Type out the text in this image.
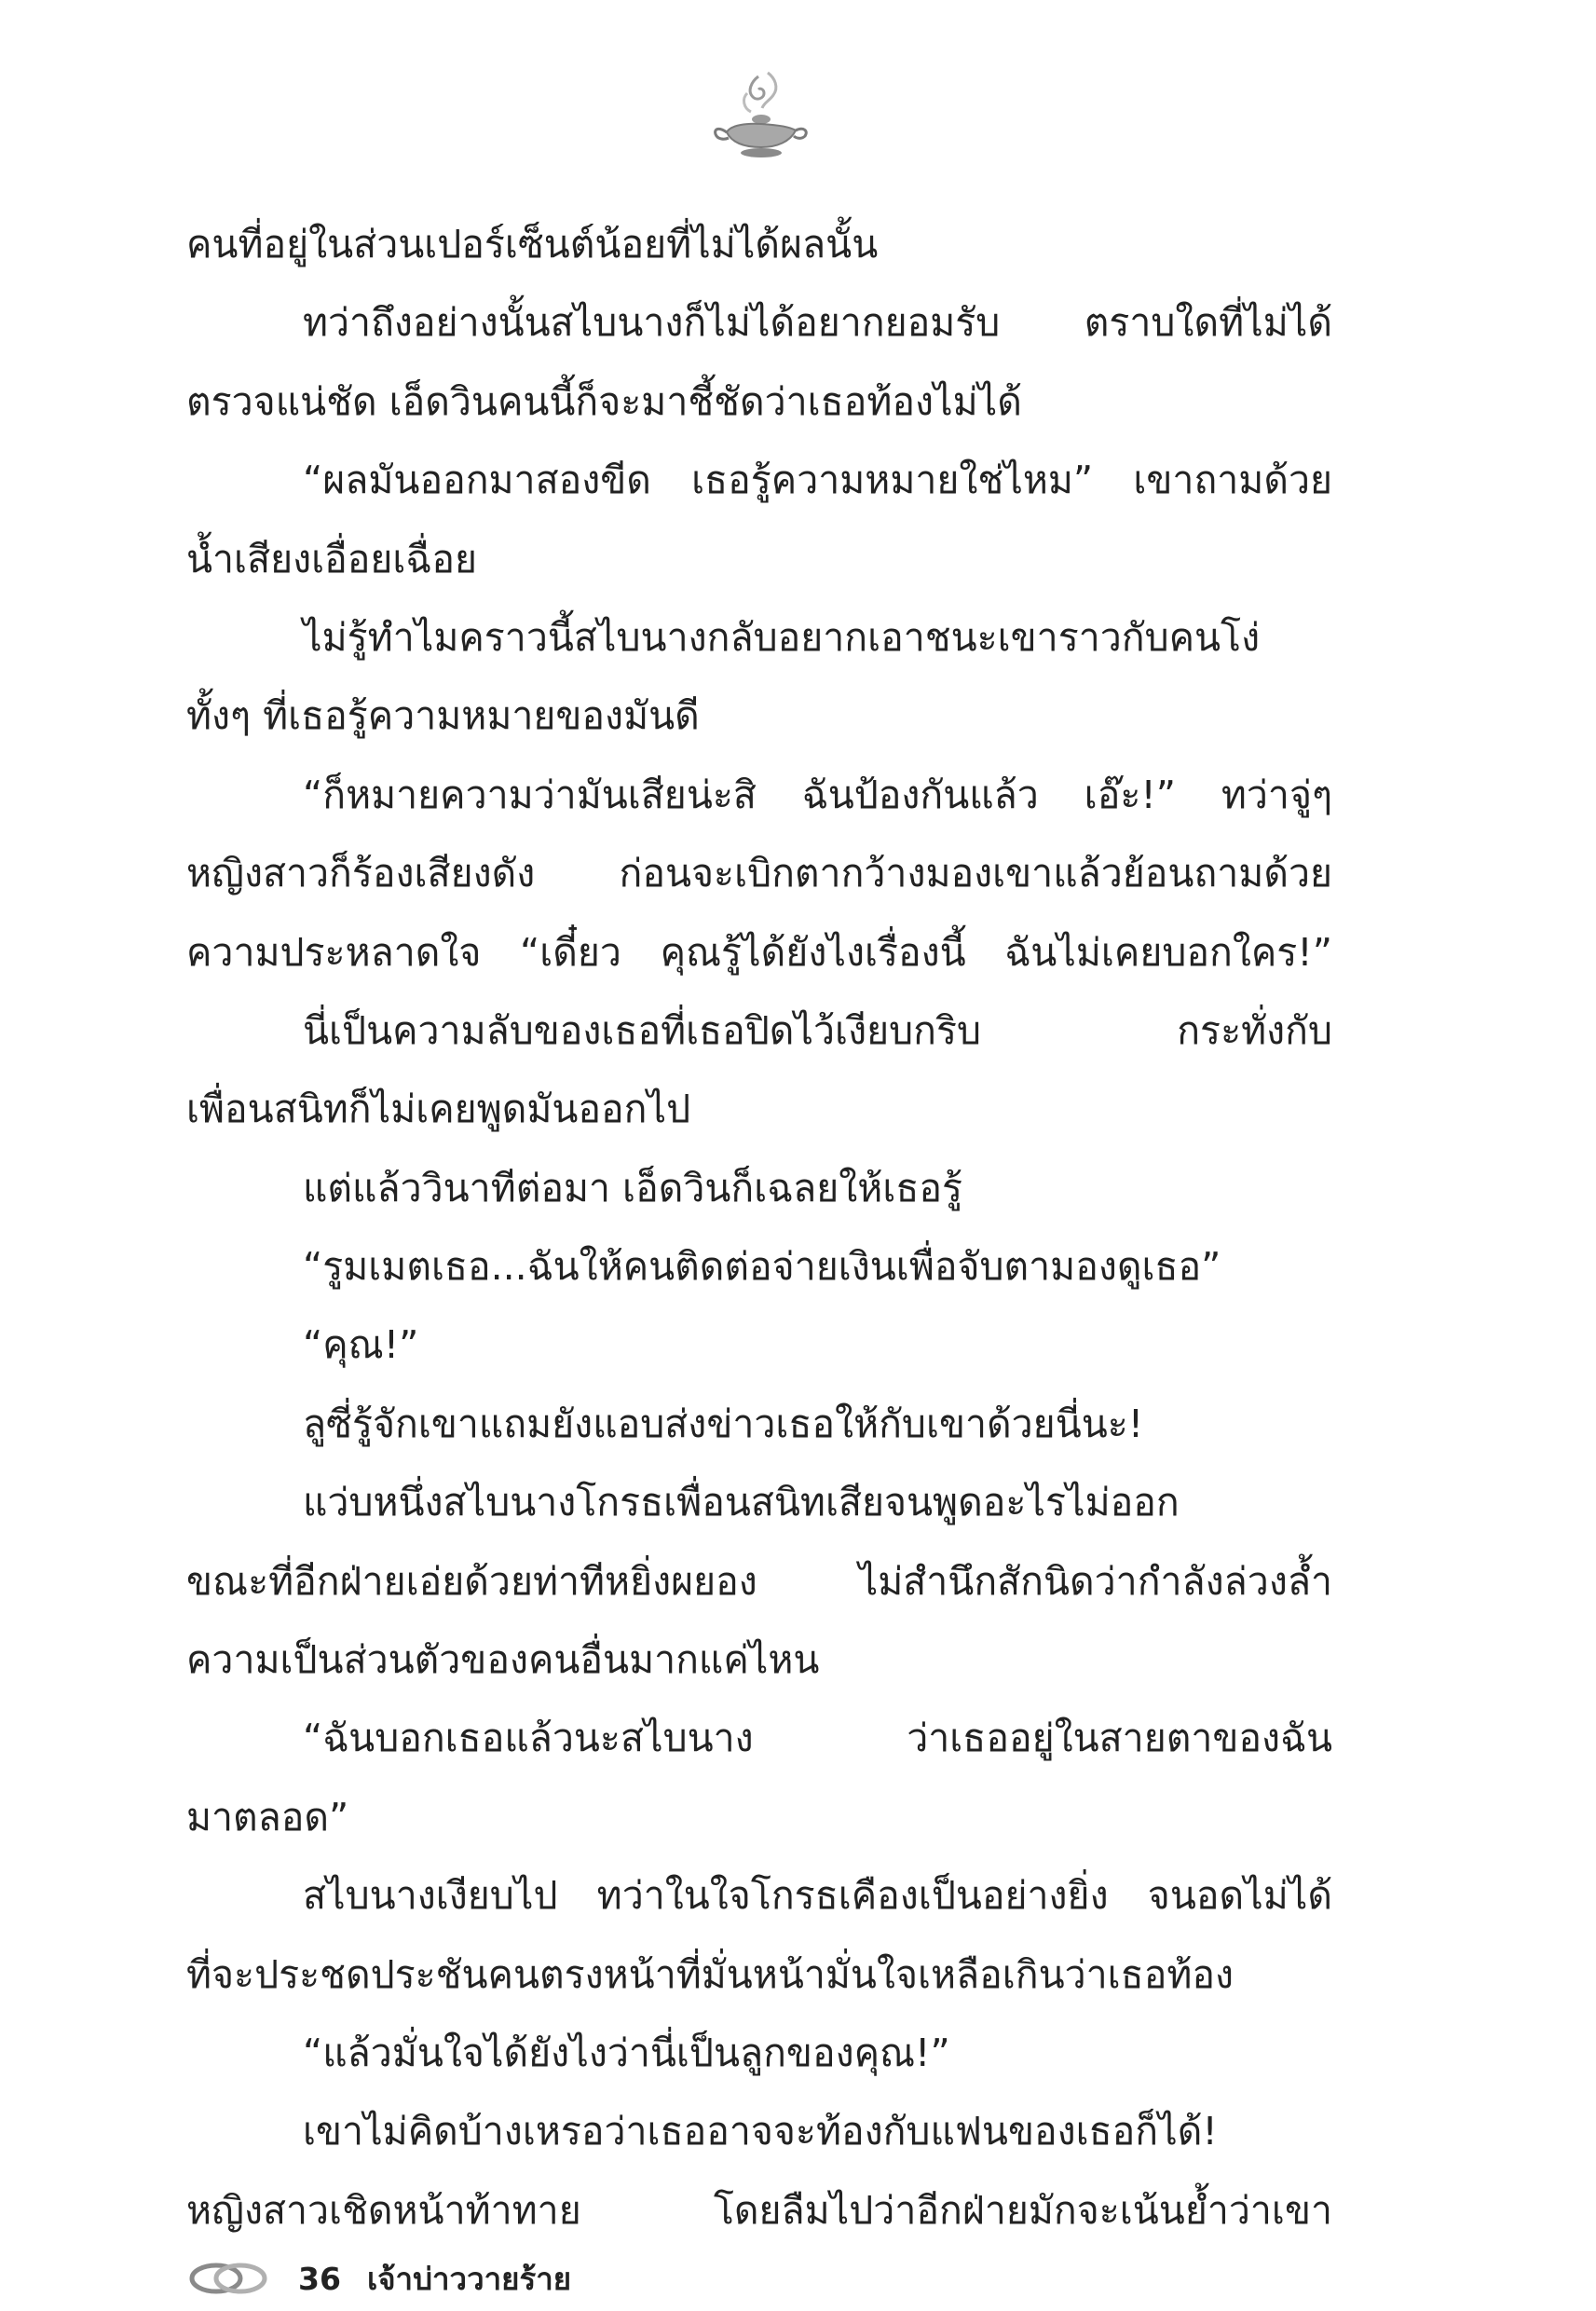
คนที่อยู่ในส่วนเปอร์เซ็นต์น้อยที่ไม่ได้ผลนั้น
ทว่าถึงอย่างนั้นสไบนางก็ไม่ได้อยากยอมรับ ตราบใดที่ไม่ได้
ตรวจแน่ชัด เอ็ดวินคนนี้ก็จะมาชี้ชัดว่าเธอท้องไม่ได้
“ผลมันออกมาสองขีด เธอรู้ความหมายใช่ไหม” เขาถามด้วย
น้ำเสียงเอื่อยเฉื่อย
ไม่รู้ทำไมคราวนี้สไบนางกลับอยากเอาชนะเขาราวกับคนโง่
ทั้งๆ ที่เธอรู้ความหมายของมันดี
“ก็หมายความว่ามันเสียน่ะสิ ฉันป้องกันแล้ว เอ๊ะ!” ทว่าจู่ๆ
หญิงสาวก็ร้องเสียงดัง ก่อนจะเบิกตากว้างมองเขาแล้วย้อนถามด้วย
ความประหลาดใจ “เดี๋ยว คุณรู้ได้ยังไงเรื่องนี้ ฉันไม่เคยบอกใคร!”
นี่เป็นความลับของเธอที่เธอปิดไว้เงียบกริบ กระทั่งกับ
เพื่อนสนิทก็ไม่เคยพูดมันออกไป
แต่แล้ววินาทีต่อมา เอ็ดวินก็เฉลยให้เธอรู้
“รูมเมตเธอ...ฉันให้คนติดต่อจ่ายเงินเพื่อจับตามองดูเธอ”
“คุณ!”
ลูซี่รู้จักเขาแถมยังแอบส่งข่าวเธอให้กับเขาด้วยนี่นะ!
แว่บหนึ่งสไบนางโกรธเพื่อนสนิทเสียจนพูดอะไรไม่ออก
ขณะที่อีกฝ่ายเอ่ยด้วยท่าทีหยิ่งผยอง ไม่สำนึกสักนิดว่ากำลังล่วงล้ำ
ความเป็นส่วนตัวของคนอื่นมากแค่ไหน
“ฉันบอกเธอแล้วนะสไบนาง ว่าเธออยู่ในสายตาของฉัน
มาตลอด”
สไบนางเงียบไป ทว่าในใจโกรธเคืองเป็นอย่างยิ่ง จนอดไม่ได้
ที่จะประชดประชันคนตรงหน้าที่มั่นหน้ามั่นใจเหลือเกินว่าเธอท้อง
“แล้วมั่นใจได้ยังไงว่านี่เป็นลูกของคุณ!”
เขาไม่คิดบ้างเหรอว่าเธออาจจะท้องกับแฟนของเธอก็ได้!
หญิงสาวเชิดหน้าท้าทาย โดยลืมไปว่าอีกฝ่ายมักจะเน้นย้ำว่าเขา
36 เจ้าบ่าววายร้าย
